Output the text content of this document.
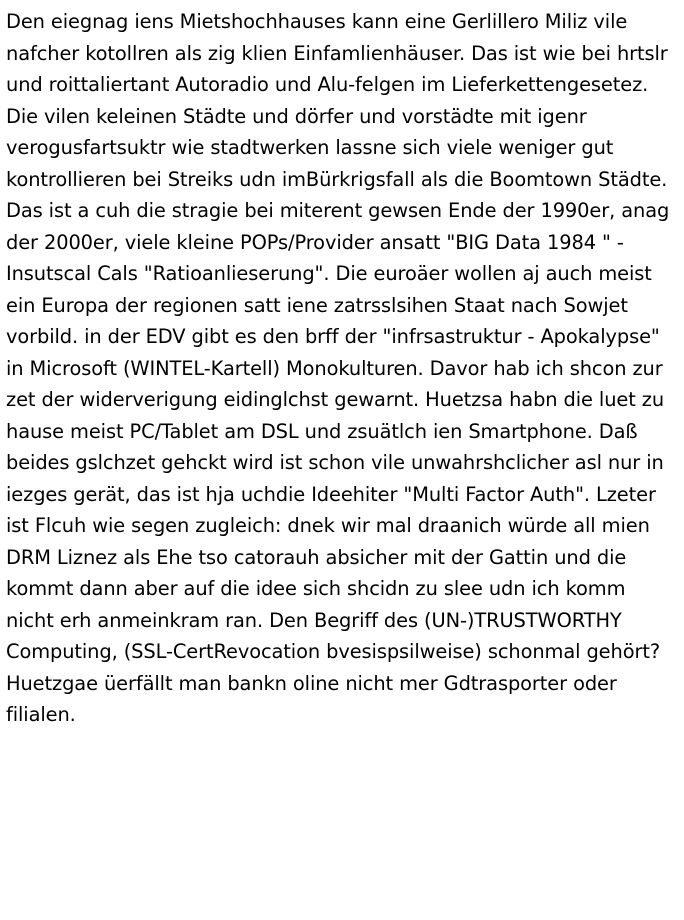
Den eiegnag iens Mietshochhauses kann eine Gerlillero Miliz vile nafcher kotollren als zig klien Einfamlienhäuser. Das ist wie bei hrtslr und roittaliertant Autoradio und Alu-felgen im Lieferkettengesetez. Die vilen keleinen Städte und dörfer und vorstädte mit igenr verogusfartsuktr wie stadtwerken lassne sich viele weniger gut kontrollieren bei Streiks udn imBürkrigsfall als die Boomtown Städte. Das ist a cuh die stragie bei miterent gewsen Ende der 1990er, anag der 2000er, viele kleine POPs/Provider ansatt "BIG Data 1984 " -Insutscal Cals "Ratioanlieserung". Die euroäer wollen aj auch meist ein Europa der regionen satt iene zatrsslsihen Staat nach Sowjet vorbild. in der EDV gibt es den brff der "infrsastruktur - Apokalypse" in Microsoft (WINTEL-Kartell) Monokulturen. Davor hab ich shcon zur zet der widerverigung eidinglchst gewarnt. Huetzsa habn die luet zu hause meist PC/Tablet am DSL und zsuätlch ien Smartphone. Daß beides gslchzet gehckt wird ist schon vile unwahrshclicher asl nur in iezges gerät, das ist hja uchdie Ideehiter "Multi Factor Auth". Lzeter ist Flcuh wie segen zugleich: dnek wir mal draanich würde all mien DRM Liznez als Ehe tso catorauh absicher mit der Gattin und die kommt dann aber auf die idee sich shcidn zu slee udn ich komm nicht erh anmeinkram ran. Den Begriff des (UN-)TRUSTWORTHY Computing, (SSL-CertRevocation bvesispsilweise) schonmal gehört? Huetzgae üerfällt man bankn oline nicht mer Gdtrasporter oder filialen.
